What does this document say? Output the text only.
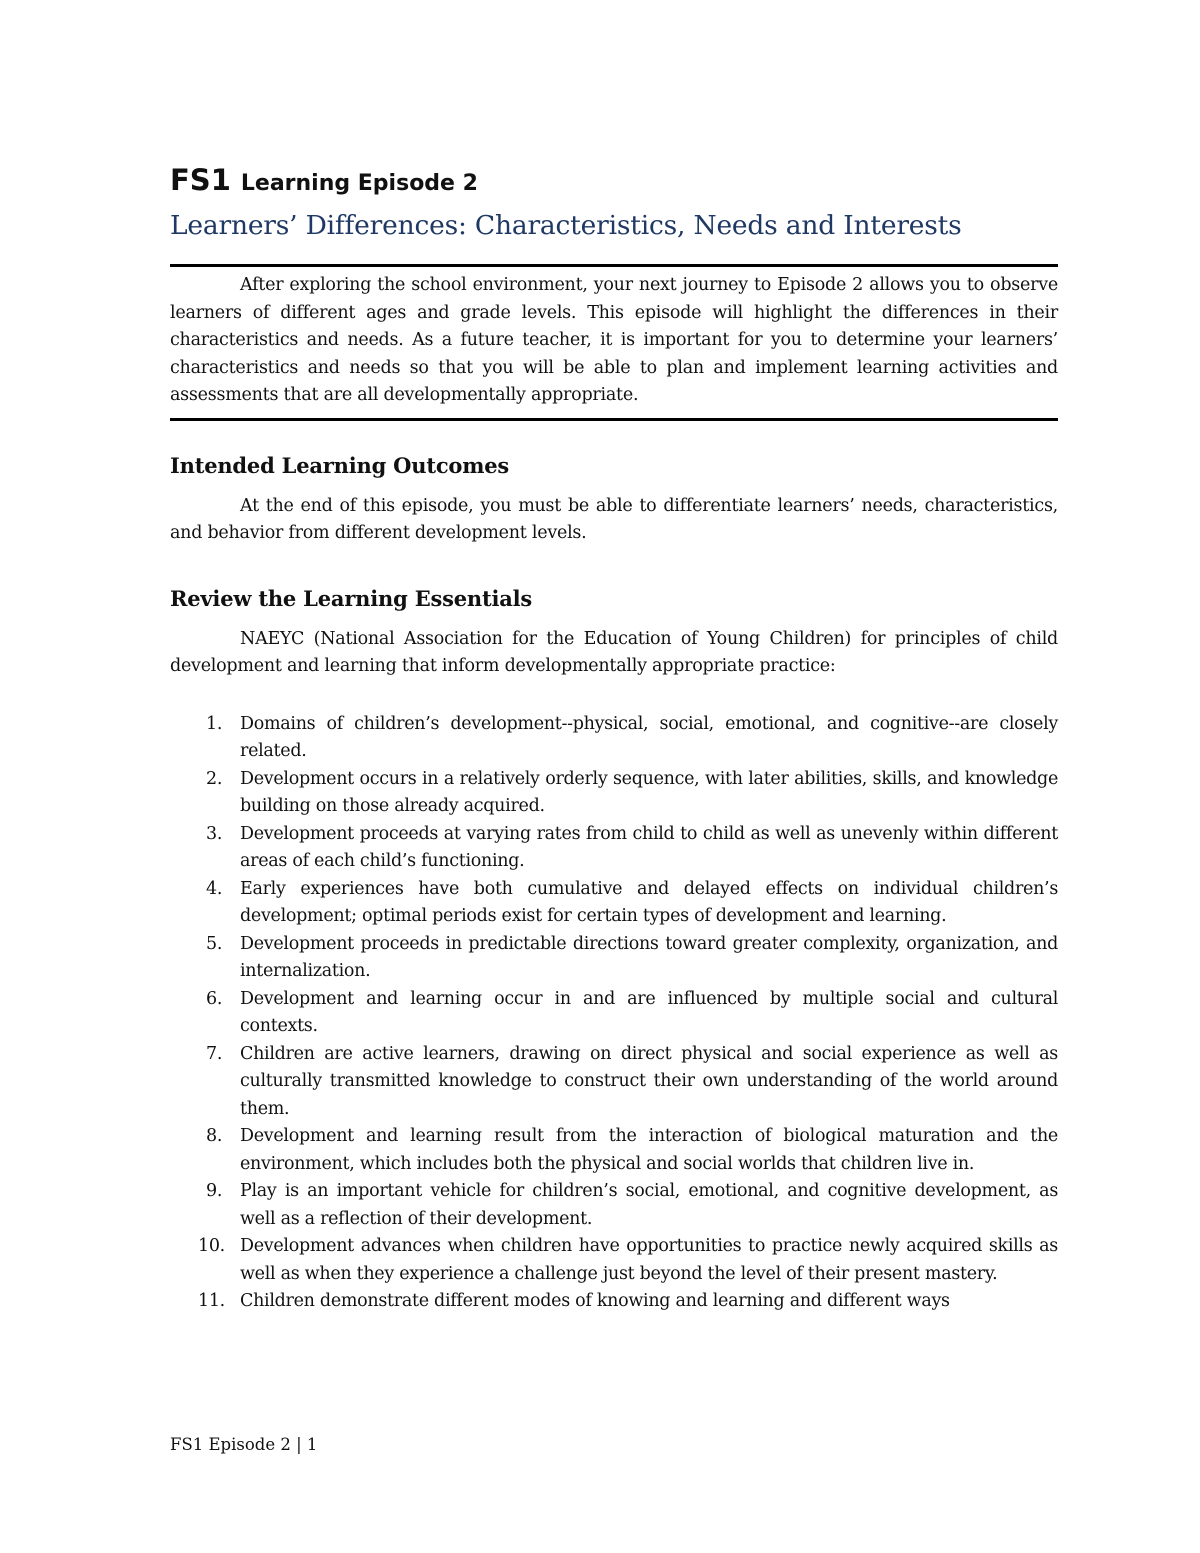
FS1 Learning Episode 2
Learners’ Differences: Characteristics, Needs and Interests

After exploring the school environment, your next journey to Episode 2 allows you to observe learners of different ages and grade levels. This episode will highlight the differences in their characteristics and needs. As a future teacher, it is important for you to determine your learners’ characteristics and needs so that you will be able to plan and implement learning activities and assessments that are all developmentally appropriate.

Intended Learning Outcomes

At the end of this episode, you must be able to differentiate learners’ needs, characteristics, and behavior from different development levels.

Review the Learning Essentials

NAEYC (National Association for the Education of Young Children) for principles of child development and learning that inform developmentally appropriate practice:

1. Domains of children’s development--physical, social, emotional, and cognitive--are closely related.
2. Development occurs in a relatively orderly sequence, with later abilities, skills, and knowledge building on those already acquired.
3. Development proceeds at varying rates from child to child as well as unevenly within different areas of each child’s functioning.
4. Early experiences have both cumulative and delayed effects on individual children’s development; optimal periods exist for certain types of development and learning.
5. Development proceeds in predictable directions toward greater complexity, organization, and internalization.
6. Development and learning occur in and are influenced by multiple social and cultural contexts.
7. Children are active learners, drawing on direct physical and social experience as well as culturally transmitted knowledge to construct their own understanding of the world around them.
8. Development and learning result from the interaction of biological maturation and the environment, which includes both the physical and social worlds that children live in.
9. Play is an important vehicle for children’s social, emotional, and cognitive development, as well as a reflection of their development.
10. Development advances when children have opportunities to practice newly acquired skills as well as when they experience a challenge just beyond the level of their present mastery.
11. Children demonstrate different modes of knowing and learning and different ways
FS1 Episode 2 | 1
